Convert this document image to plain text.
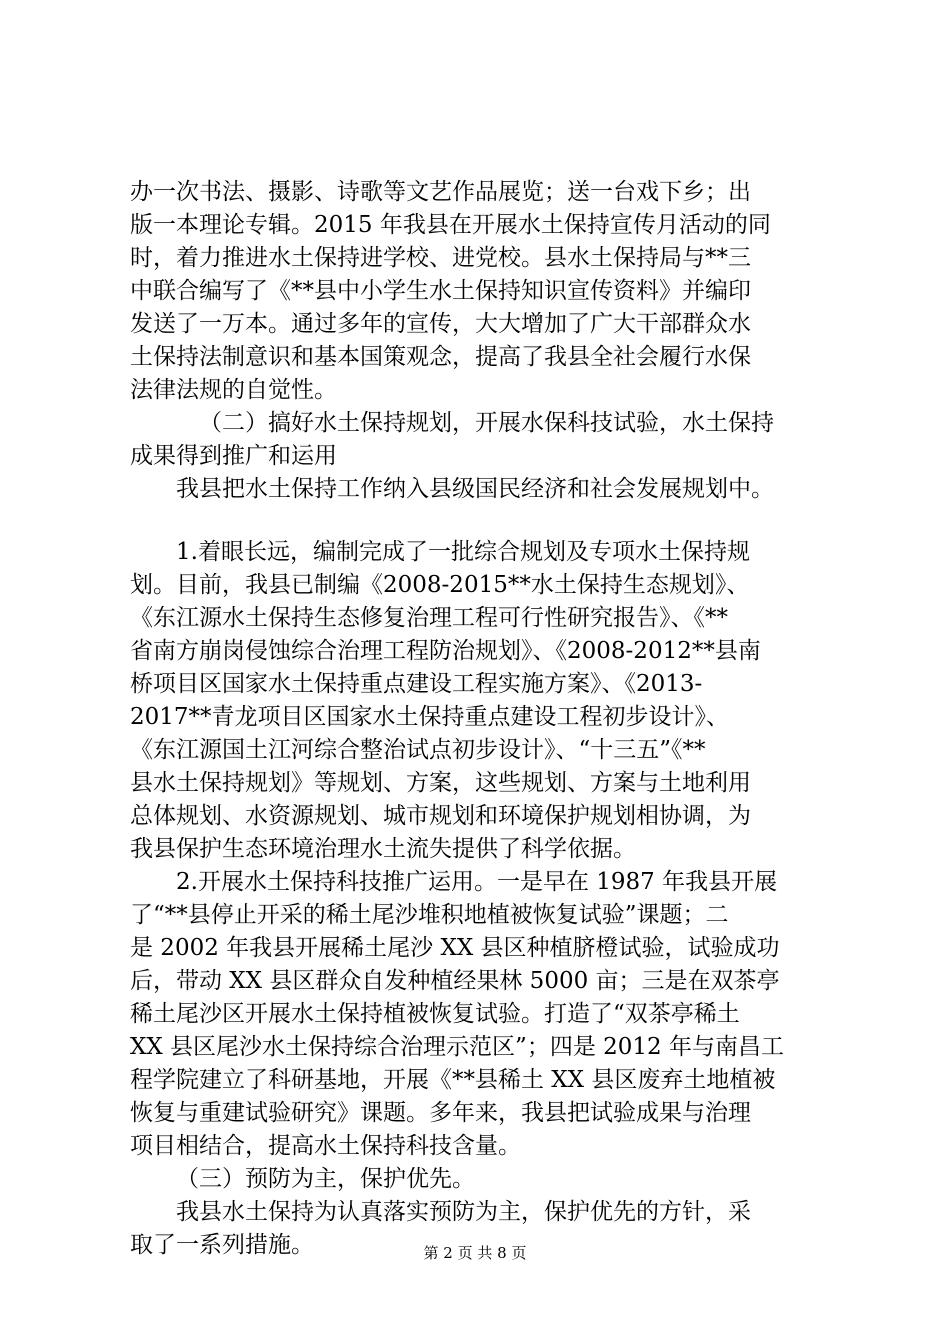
办一次书法、摄影、诗歌等文艺作品展览；送一台戏下乡；出
版一本理论专辑。2015 年我县在开展水土保持宣传月活动的同
时，着力推进水土保持进学校、进党校。县水土保持局与**三
中联合编写了《**县中小学生水土保持知识宣传资料》并编印
发送了一万本。通过多年的宣传，大大增加了广大干部群众水
土保持法制意识和基本国策观念，提高了我县全社会履行水保
法律法规的自觉性。
（二）搞好水土保持规划，开展水保科技试验，水土保持
成果得到推广和运用
我县把水土保持工作纳入县级国民经济和社会发展规划中。
1.着眼长远，编制完成了一批综合规划及专项水土保持规
划。目前，我县已制编《2008-2015**水土保持生态规划》、
《东江源水土保持生态修复治理工程可行性研究报告》、《**
省南方崩岗侵蚀综合治理工程防治规划》、《2008-2012**县南
桥项目区国家水土保持重点建设工程实施方案》、《2013-
2017**青龙项目区国家水土保持重点建设工程初步设计》、
《东江源国土江河综合整治试点初步设计》、“十三五”《**
县水土保持规划》等规划、方案，这些规划、方案与土地利用
总体规划、水资源规划、城市规划和环境保护规划相协调，为
我县保护生态环境治理水土流失提供了科学依据。
2.开展水土保持科技推广运用。一是早在 1987 年我县开展
了“**县停止开采的稀土尾沙堆积地植被恢复试验”课题；二
是 2002 年我县开展稀土尾沙 XX 县区种植脐橙试验，试验成功
后，带动 XX 县区群众自发种植经果林 5000 亩；三是在双茶亭
稀土尾沙区开展水土保持植被恢复试验。打造了“双茶亭稀土
XX 县区尾沙水土保持综合治理示范区”；四是 2012 年与南昌工
程学院建立了科研基地，开展《**县稀土 XX 县区废弃土地植被
恢复与重建试验研究》课题。多年来，我县把试验成果与治理
项目相结合，提高水土保持科技含量。
（三）预防为主，保护优先。
我县水土保持为认真落实预防为主，保护优先的方针，采
取了一系列措施。	第 2 页 共 8 页
